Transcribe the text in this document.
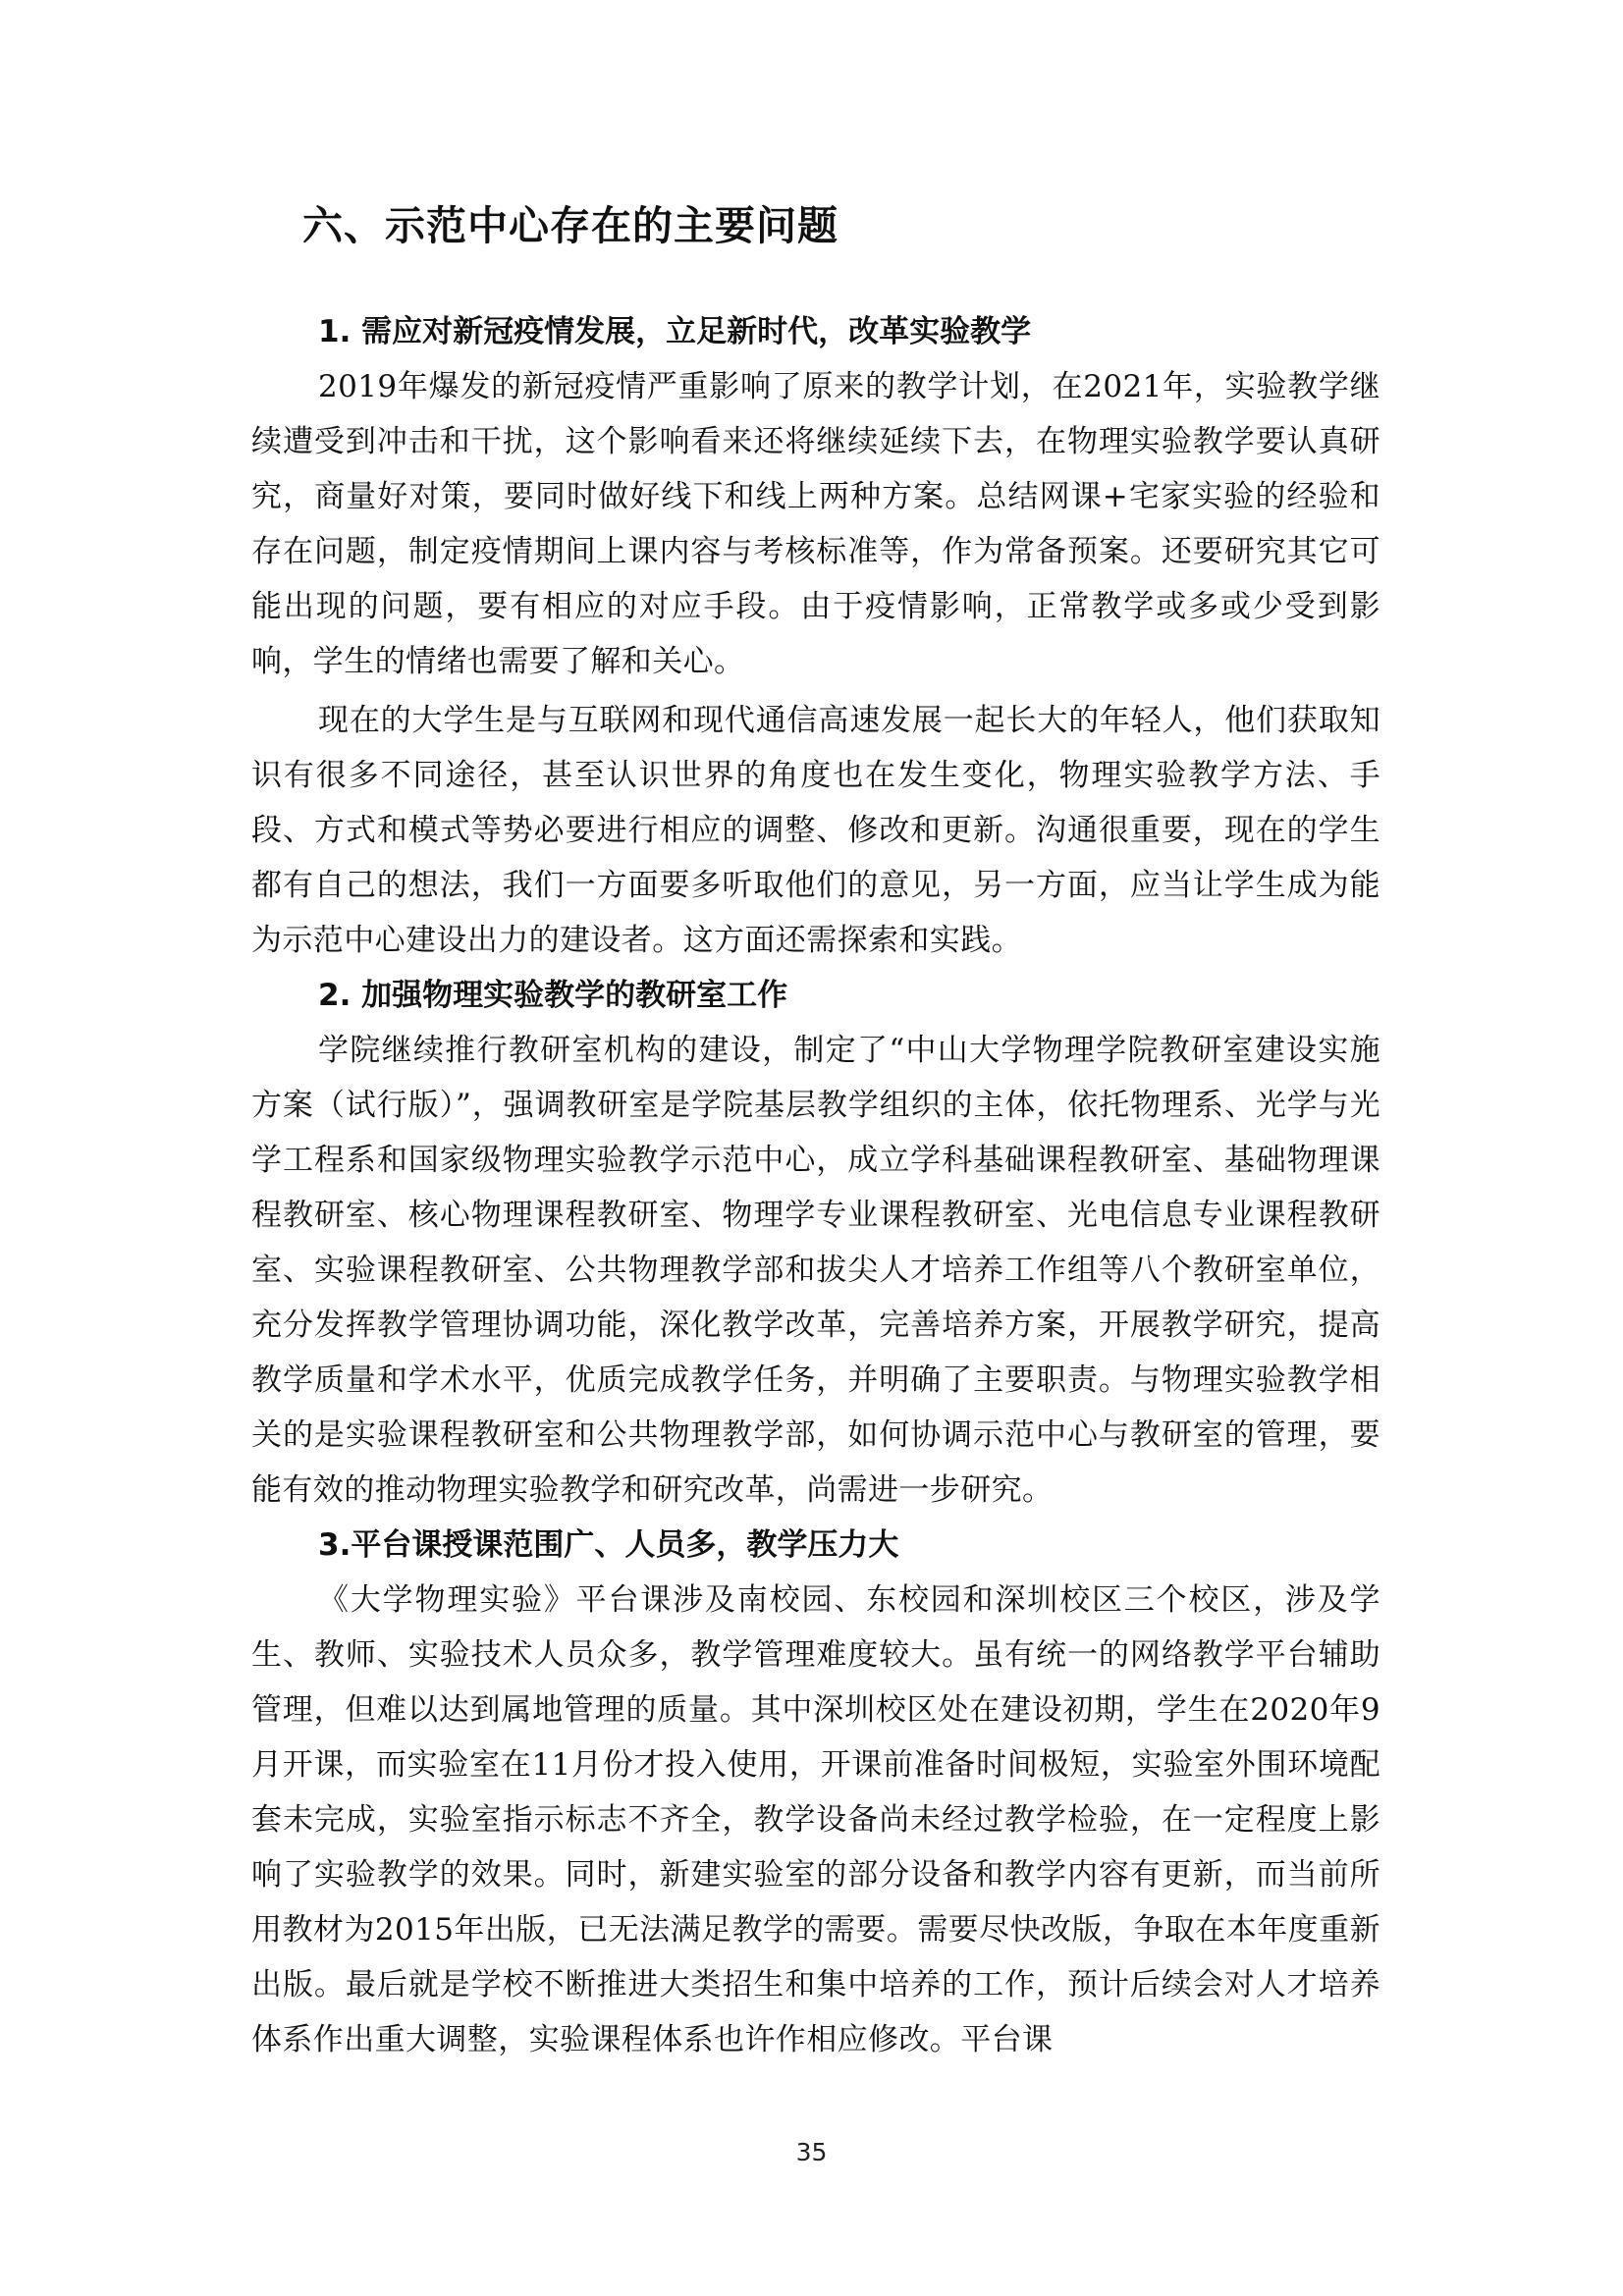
六、示范中心存在的主要问题
1. 需应对新冠疫情发展，立足新时代，改革实验教学

2019年爆发的新冠疫情严重影响了原来的教学计划，在2021年，实验教学继续遭受到冲击和干扰，这个影响看来还将继续延续下去，在物理实验教学要认真研究，商量好对策，要同时做好线下和线上两种方案。总结网课+宅家实验的经验和存在问题，制定疫情期间上课内容与考核标准等，作为常备预案。还要研究其它可能出现的问题，要有相应的对应手段。由于疫情影响，正常教学或多或少受到影响，学生的情绪也需要了解和关心。

现在的大学生是与互联网和现代通信高速发展一起长大的年轻人，他们获取知识有很多不同途径，甚至认识世界的角度也在发生变化，物理实验教学方法、手段、方式和模式等势必要进行相应的调整、修改和更新。沟通很重要，现在的学生都有自己的想法，我们一方面要多听取他们的意见，另一方面，应当让学生成为能为示范中心建设出力的建设者。这方面还需探索和实践。

2. 加强物理实验教学的教研室工作

学院继续推行教研室机构的建设，制定了“中山大学物理学院教研室建设实施方案（试行版）”，强调教研室是学院基层教学组织的主体，依托物理系、光学与光学工程系和国家级物理实验教学示范中心，成立学科基础课程教研室、基础物理课程教研室、核心物理课程教研室、物理学专业课程教研室、光电信息专业课程教研室、实验课程教研室、公共物理教学部和拔尖人才培养工作组等八个教研室单位，充分发挥教学管理协调功能，深化教学改革，完善培养方案，开展教学研究，提高教学质量和学术水平，优质完成教学任务，并明确了主要职责。与物理实验教学相关的是实验课程教研室和公共物理教学部，如何协调示范中心与教研室的管理，要能有效的推动物理实验教学和研究改革，尚需进一步研究。

3.平台课授课范围广、人员多，教学压力大

《大学物理实验》平台课涉及南校园、东校园和深圳校区三个校区，涉及学生、教师、实验技术人员众多，教学管理难度较大。虽有统一的网络教学平台辅助管理，但难以达到属地管理的质量。其中深圳校区处在建设初期，学生在2020年9月开课，而实验室在11月份才投入使用，开课前准备时间极短，实验室外围环境配套未完成，实验室指示标志不齐全，教学设备尚未经过教学检验，在一定程度上影响了实验教学的效果。同时，新建实验室的部分设备和教学内容有更新，而当前所用教材为2015年出版，已无法满足教学的需要。需要尽快改版，争取在本年度重新出版。最后就是学校不断推进大类招生和集中培养的工作，预计后续会对人才培养体系作出重大调整，实验课程体系也许作相应修改。平台课

35
